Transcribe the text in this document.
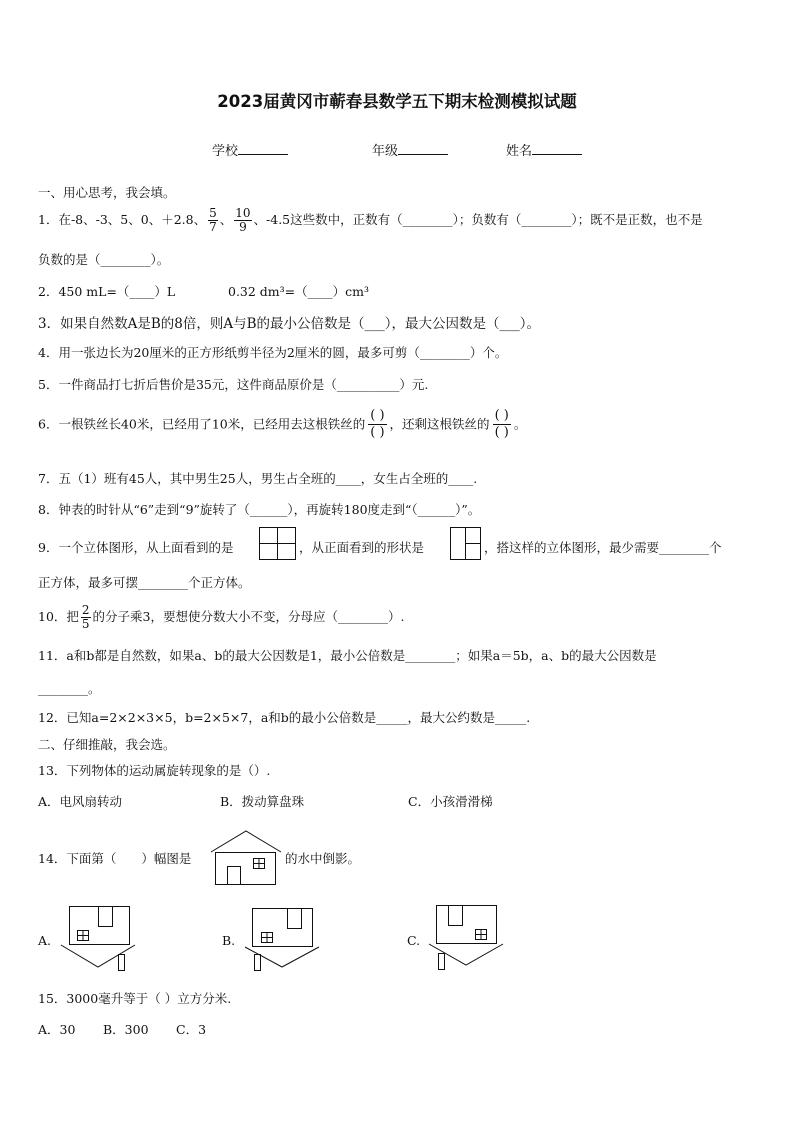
2023届黄冈市蕲春县数学五下期末检测模拟试题
学校	年级	姓名
一、用心思考，我会填。
1．在-8、-3、5、0、＋2.8、 $\frac{5}{7}$ 、 $\frac{10}{9}$ 、-4.5这些数中，正数有（________）；负数有（________）；既不是正数，也不是
负数的是（________）。
2．450 mL=（____）L	0.32 dm³=（____）cm³
3．如果自然数A是B的8倍，则A与B的最小公倍数是（___），最大公因数是（___）。
4．用一张边长为20厘米的正方形纸剪半径为2厘米的圆，最多可剪（________）个。
5．一件商品打七折后售价是35元，这件商品原价是（__________）元.
6．一根铁丝长40米，已经用了10米，已经用去这根铁丝的
( )
( )
，还剩这根铁丝的
( )
( )
。
7．五（1）班有45人，其中男生25人，男生占全班的____，女生占全班的____.
8．钟表的时针从“6”走到“9”旋转了（______），再旋转180度走到“（______）”。
9．一个立体图形，从上面看到的是	，从正面看到的形状是	，搭这样的立体图形，最少需要________个
正方体，最多可摆________个正方体。
10．把 $\frac{2}{5}$ 的分子乘3，要想使分数大小不变，分母应（________）.
11．a和b都是自然数，如果a、b的最大公因数是1，最小公倍数是________；如果a＝5b，a、b的最大公因数是
________。
12．已知a=2×2×3×5，b=2×5×7，a和b的最小公倍数是_____，最大公约数是_____.
二、仔细推敲，我会选。
13．下列物体的运动属旋转现象的是（）.
A．电风扇转动	B．拨动算盘珠	C．小孩滑滑梯
14．下面第（　　）幅图是	的水中倒影。
A.	B.	C.
15．3000毫升等于（ ）立方分米.
A．30 B．300 C．3
